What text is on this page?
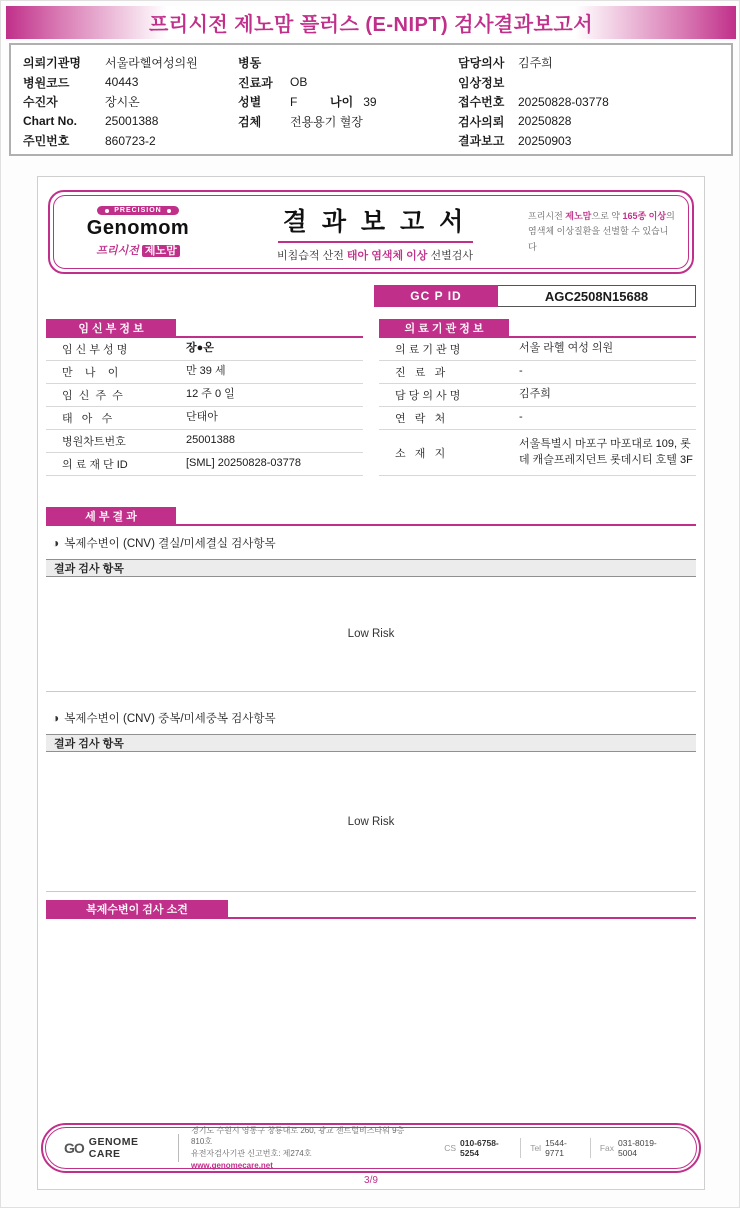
프리시전 제노맘 플러스 (E-NIPT) 검사결과보고서
의뢰기관명	서울라헬여성의원
병원코드	40443
수진자	장시온
Chart No.	25001388
주민번호	860723-2
병동
진료과	OB
성별	F	나이 39
검체	전용용기 혈장
담당의사	김주희
임상정보
접수번호	20250828-03778
검사의뢰	20250828
결과보고	20250903
PRECISION
Genomom
프리시전 제노맘
결 과 보 고 서
비침습적 산전 태아 염색체 이상 선별검사
프리시전 제노맘으로 약 165종 이상의
염색체 이상질환을 선별할 수 있습니다
GC P ID	AGC2508N15688
임 신 부 정 보
임 신 부 성 명	장●온
만    나    이	만 39 세
임  신  주  수	12 주 0 일
태   아   수	단태아
병원차트번호	25001388
의 료 재 단 ID	[SML] 20250828-03778
의 료 기 관 정 보
의 료 기 관 명	서울 라헬 여성 의원
진   료   과	-
담 당 의 사 명	김주희
연   락   처	-
소   재   지
서울특별시 마포구 마포대로 109, 롯데 캐슬프레지던트 롯데시티 호텔 3F
세 부 결 과
◑ 복제수변이 (CNV) 결실/미세결실 검사항목
결과 검사 항목
Low Risk
◑ 복제수변이 (CNV) 중복/미세중복 검사항목
결과 검사 항목
Low Risk
복제수변이 검사 소견
GO GENOME CARE
경기도 수원시 영통구 창룡대로 260, 광교 센트럴비즈타워 9층 810호
유전자검사기관 신고번호: 제274호
www.genomecare.net
CS 010-6758-5254	Tel 1544-9771	Fax 031-8019-5004
3/9
